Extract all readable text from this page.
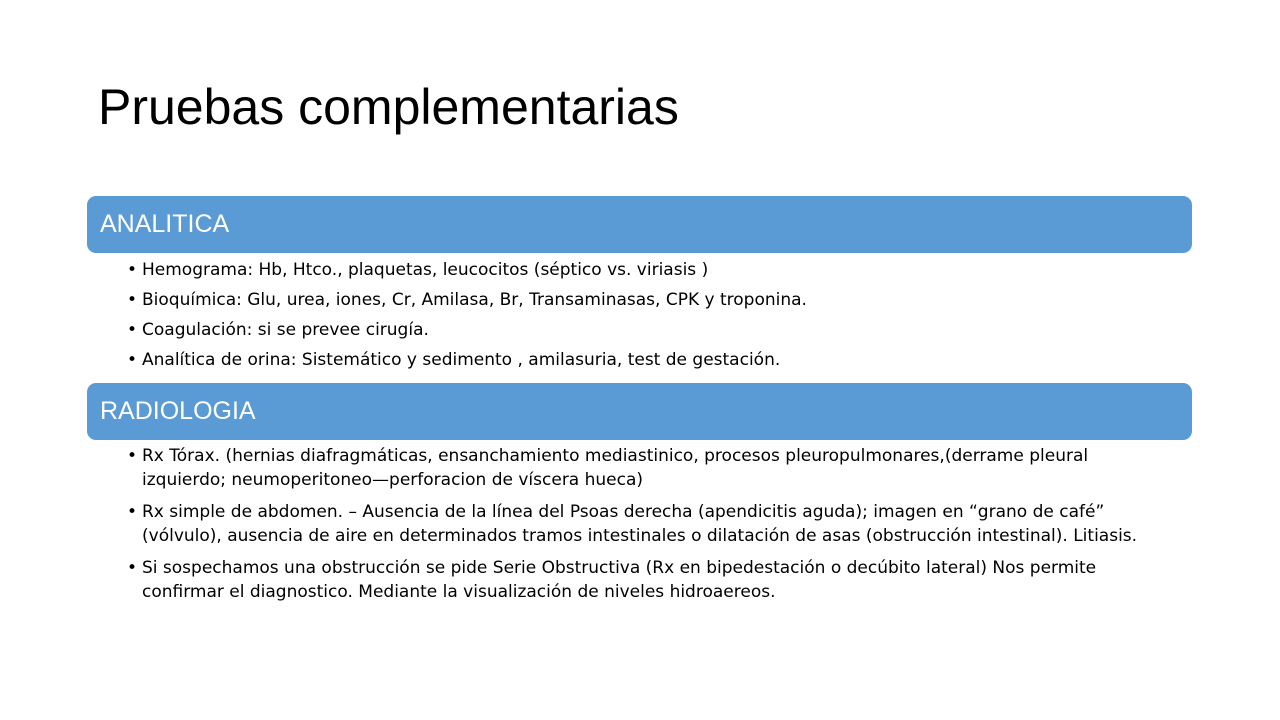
Pruebas complementarias
ANALITICA
• Hemograma: Hb, Htco., plaquetas, leucocitos (séptico vs. viriasis )
• Bioquímica: Glu, urea, iones, Cr, Amilasa, Br, Transaminasas, CPK y troponina.
• Coagulación: si se prevee cirugía.
• Analítica de orina: Sistemático y sedimento , amilasuria, test de gestación.
RADIOLOGIA
• Rx Tórax. (hernias diafragmáticas, ensanchamiento mediastinico, procesos pleuropulmonares,(derrame pleural izquierdo; neumoperitoneo—perforacion de víscera hueca)
• Rx simple de abdomen. – Ausencia de la línea del Psoas derecha (apendicitis aguda); imagen en “grano de café” (vólvulo), ausencia de aire en determinados tramos intestinales o dilatación de asas (obstrucción intestinal). Litiasis.
• Si sospechamos una obstrucción se pide Serie Obstructiva (Rx en bipedestación o decúbito lateral) Nos permite confirmar el diagnostico. Mediante la visualización de niveles hidroaereos.
